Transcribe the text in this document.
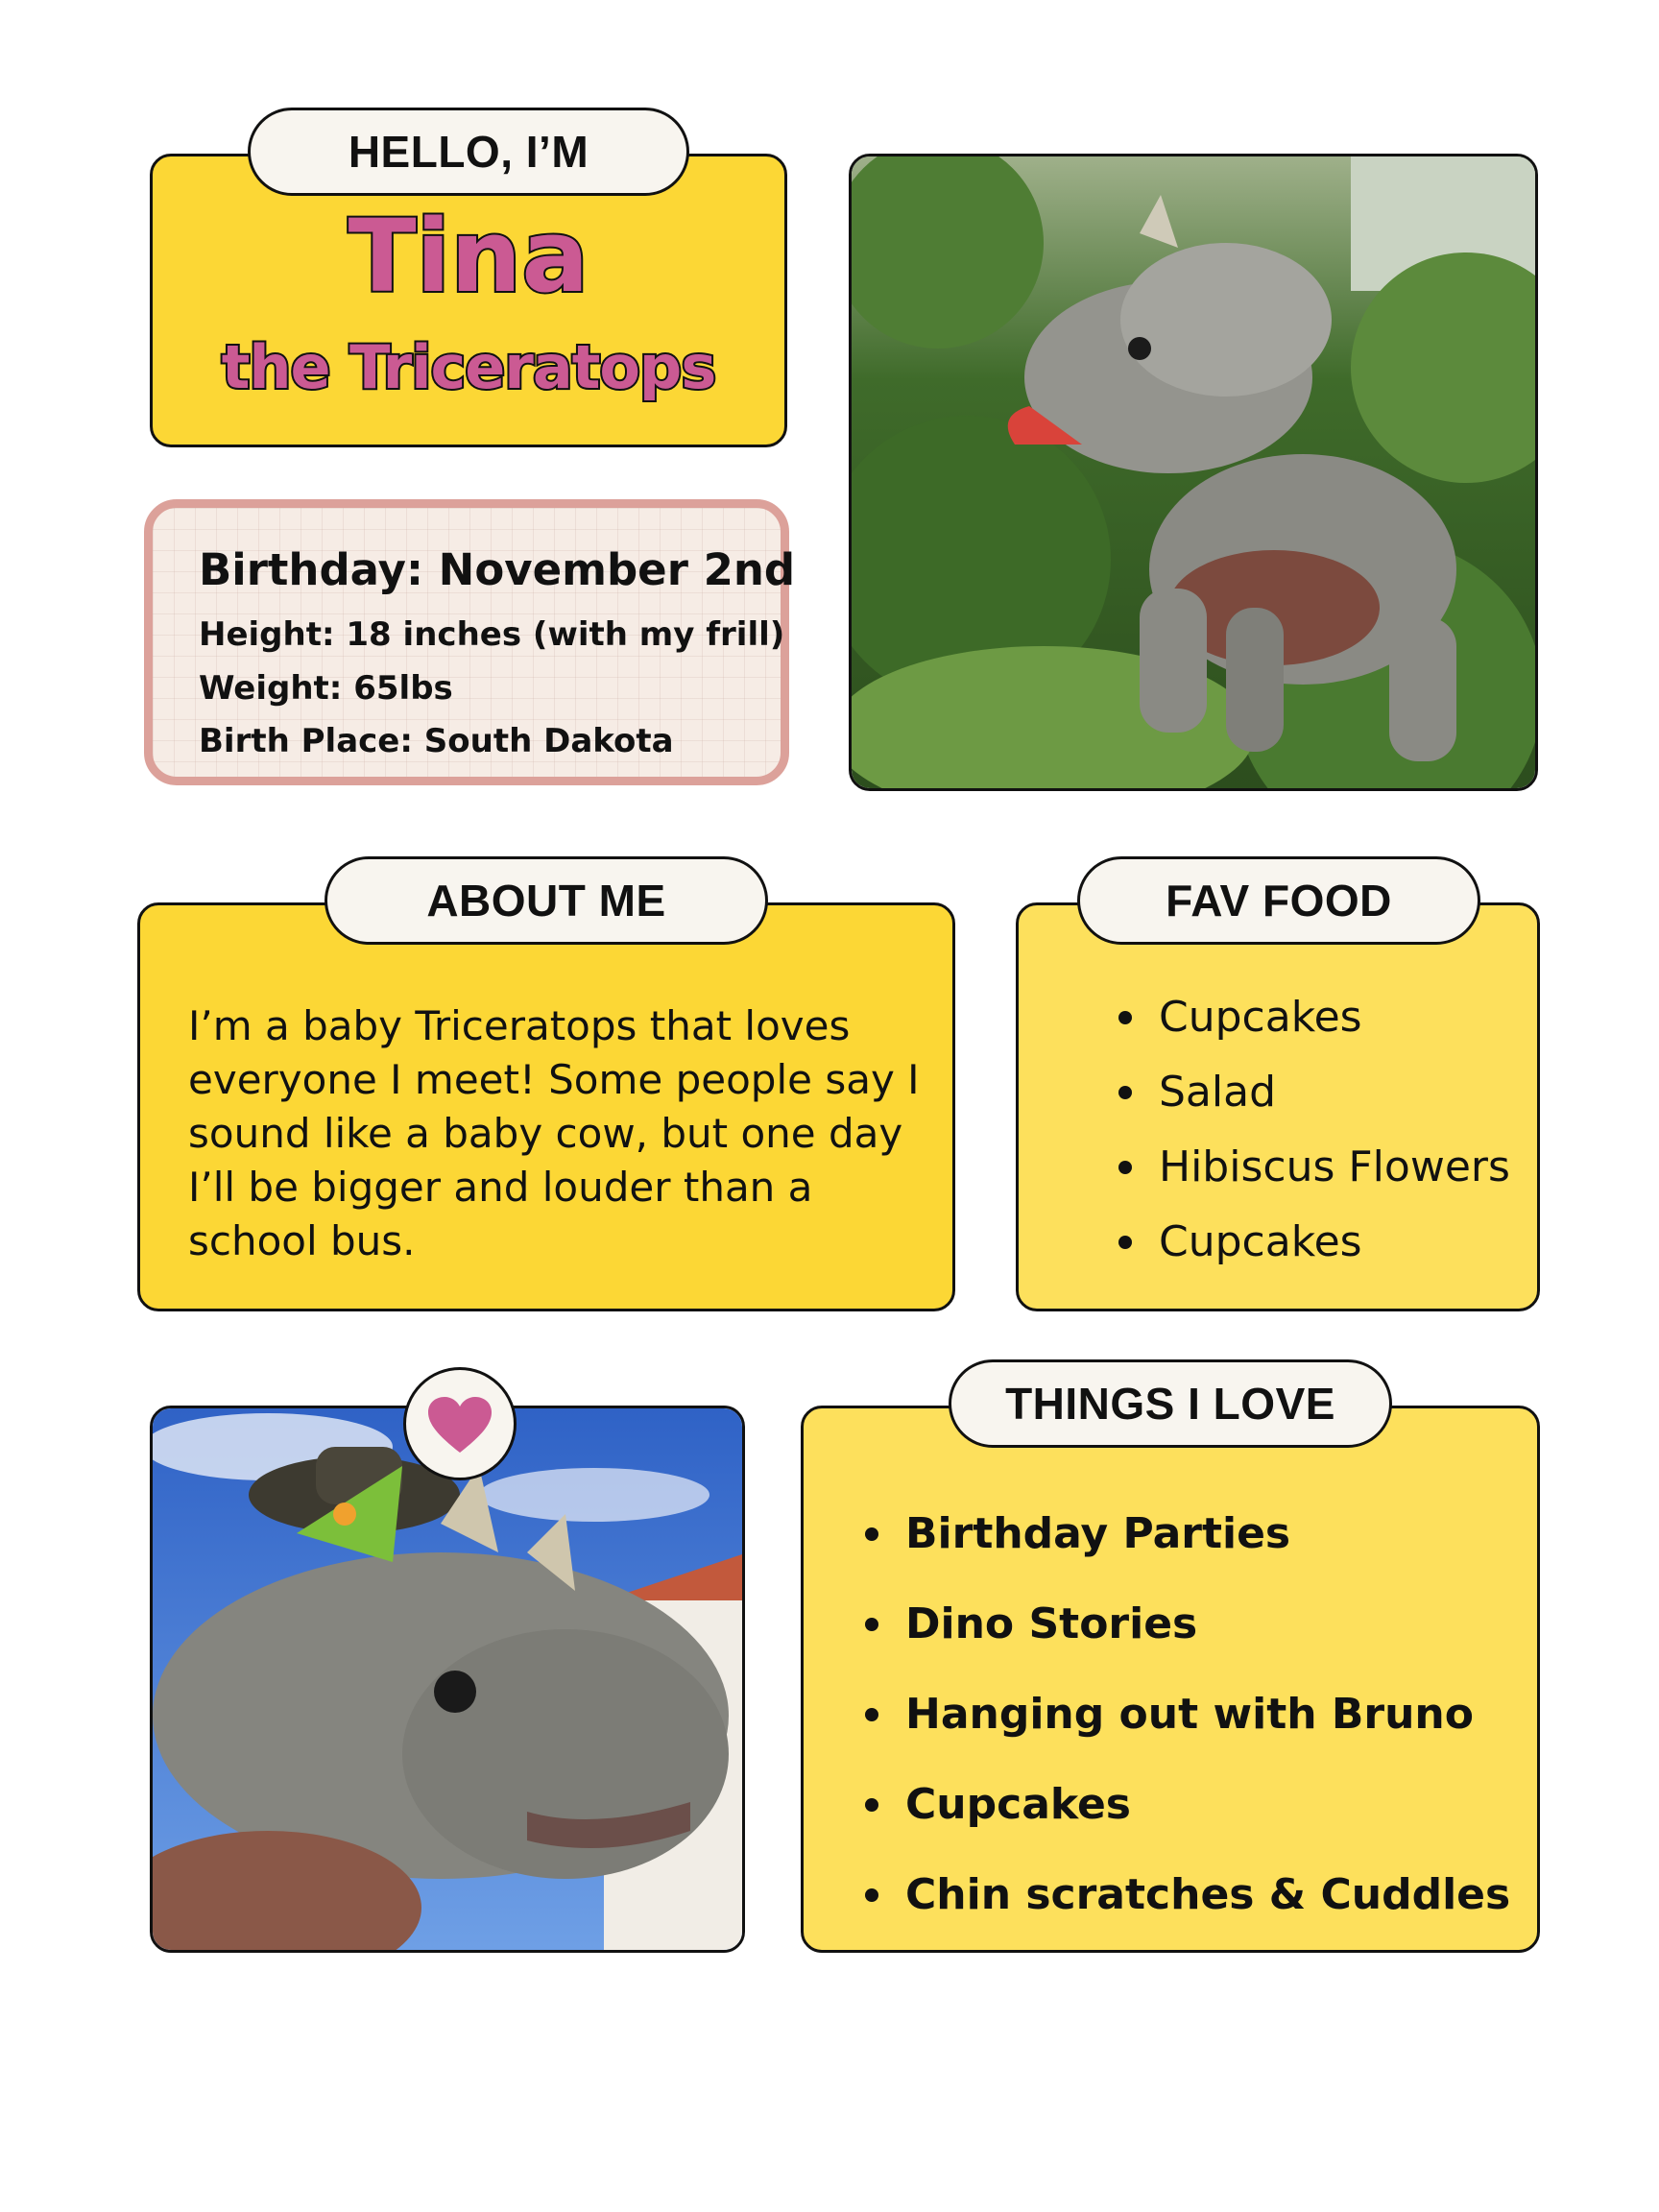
Tina
the Triceratops
HELLO, I’M
Birthday: November 2nd
Height: 18 inches (with my frill)
Weight: 65lbs
Birth Place: South Dakota
I’m a baby Triceratops that loves everyone I meet! Some people say I sound like a baby cow, but one day I’ll be bigger and louder than a school bus.
ABOUT ME
Cupcakes
Salad
Hibiscus Flowers
Cupcakes
FAV FOOD
Birthday Parties
Dino Stories
Hanging out with Bruno
Cupcakes
Chin scratches & Cuddles
THINGS I LOVE
